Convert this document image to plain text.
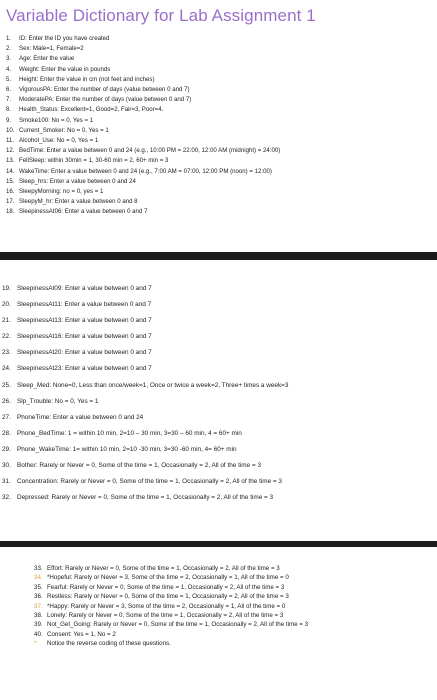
Variable Dictionary for Lab Assignment 1
1. ID: Enter the ID you have created
2. Sex: Male=1, Female=2
3. Age: Enter the value
4. Weight: Enter the value in pounds
5. Height: Enter the value in cm (not feet and inches)
6. VigorousPA: Enter the number of days (value between 0 and 7)
7. ModeratePA: Enter the number of days (value between 0 and 7)
8. Health_Status: Excellent=1, Good=2, Fair=3, Poor=4.
9. Smoke100: No = 0, Yes = 1
10. Current_Smoker: No = 0, Yes = 1
11. Alcohol_Use: No = 0, Yes = 1
12. BedTime: Enter a value between 0 and 24 (e.g., 10:00 PM = 22:00, 12:00 AM (midnight) = 24:00)
13. FellSleep: within 30min = 1, 30-60 min = 2, 60+ min = 3
14. WakeTime: Enter a value between 0 and 24 (e.g., 7:00 AM = 07:00, 12:00 PM (noon) = 12:00)
15. Sleep_hrs: Enter a value between 0 and 24
16. SleepyMorning: no = 0, yes = 1
17. SleepyM_hr: Enter a value between 0 and 8
18. SleepinessAt06: Enter a value between 0 and 7
19. SleepinessAt09: Enter a value between 0 and 7
20. SleepinessAt11: Enter a value between 0 and 7
21. SleepinessAt13: Enter a value between 0 and 7
22. SleepinessAt16: Enter a value between 0 and 7
23. SleepinessAt20: Enter a value between 0 and 7
24. SleepinessAt23: Enter a value between 0 and 7
25. Sleep_Med: None=0, Less than once/week=1, Once or twice a week=2, Three+ times a week=3
26. Slp_Trouble: No = 0, Yes = 1
27. PhoneTime: Enter a value between 0 and 24
28. Phone_BedTime: 1 = within 10 min, 2=10 – 30 min, 3=30 – 60 min, 4 = 60+ min
29. Phone_WakeTime: 1= within 10 min, 2=10 -30 min, 3=30 -60 min, 4= 60+ min
30. Bother: Rarely or Never = 0, Some of the time = 1, Occasionally = 2, All of the time = 3
31. Concentration: Rarely or Never = 0, Some of the time = 1, Occasionally = 2, All of the time = 3
32. Depressed: Rarely or Never = 0, Some of the time = 1, Occasionally = 2, All of the time = 3
33. Effort: Rarely or Never = 0, Some of the time = 1, Occasionally = 2, All of the time = 3
34. *Hopeful: Rarely or Never = 3, Some of the time = 2, Occasionally = 1, All of the time = 0
35. Fearful: Rarely or Never = 0, Some of the time = 1, Occasionally = 2, All of the time = 3
36. Restless: Rarely or Never = 0, Some of the time = 1, Occasionally = 2, All of the time = 3
37. *Happy: Rarely or Never = 3, Some of the time = 2, Occasionally = 1, All of the time = 0
38. Lonely: Rarely or Never = 0, Some of the time = 1, Occasionally = 2, All of the time = 3
39. Not_Get_Going: Rarely or Never = 0, Some of the time = 1, Occasionally = 2, All of the time = 3
40. Consent: Yes = 1, No = 2
* Notice the reverse coding of these questions.
